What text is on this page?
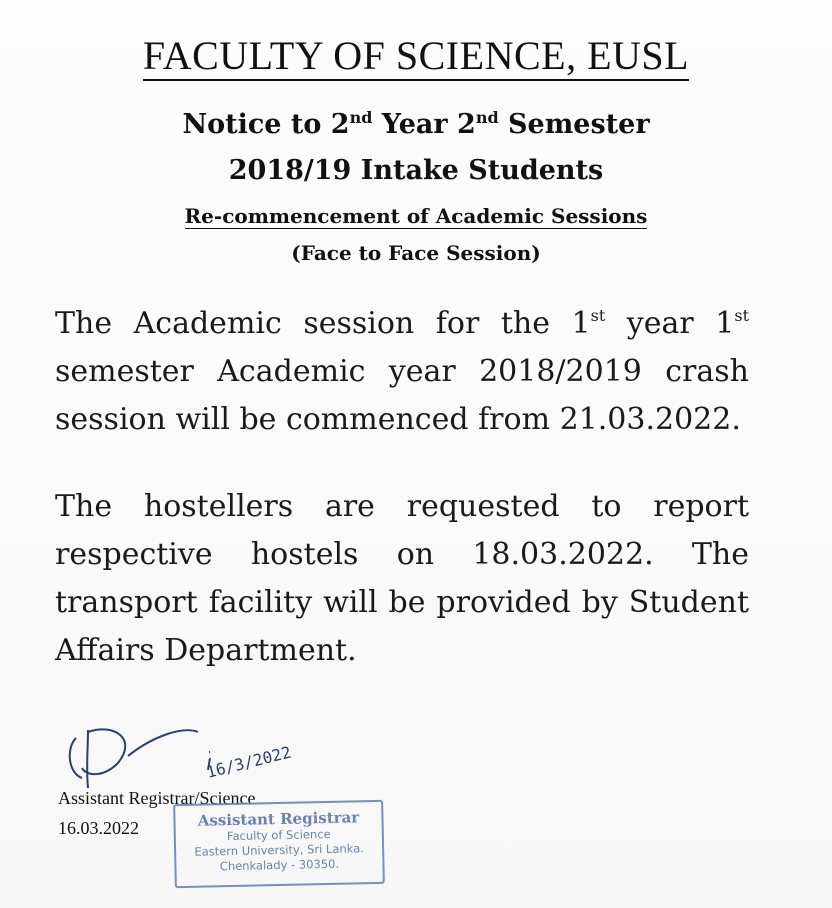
FACULTY OF SCIENCE, EUSL
Notice to 2nd Year 2nd Semester
2018/19 Intake Students
Re-commencement of Academic Sessions
(Face to Face Session)
The Academic session for the 1st year 1st semester Academic year 2018/2019 crash session will be commenced from 21.03.2022.
The hostellers are requested to report respective hostels on 18.03.2022. The transport facility will be provided by Student Affairs Department.
16/3/2022
Assistant Registrar/Science
16.03.2022	Assistant Registrar
Faculty of Science
Eastern University, Sri Lanka.
Chenkalady - 30350.
